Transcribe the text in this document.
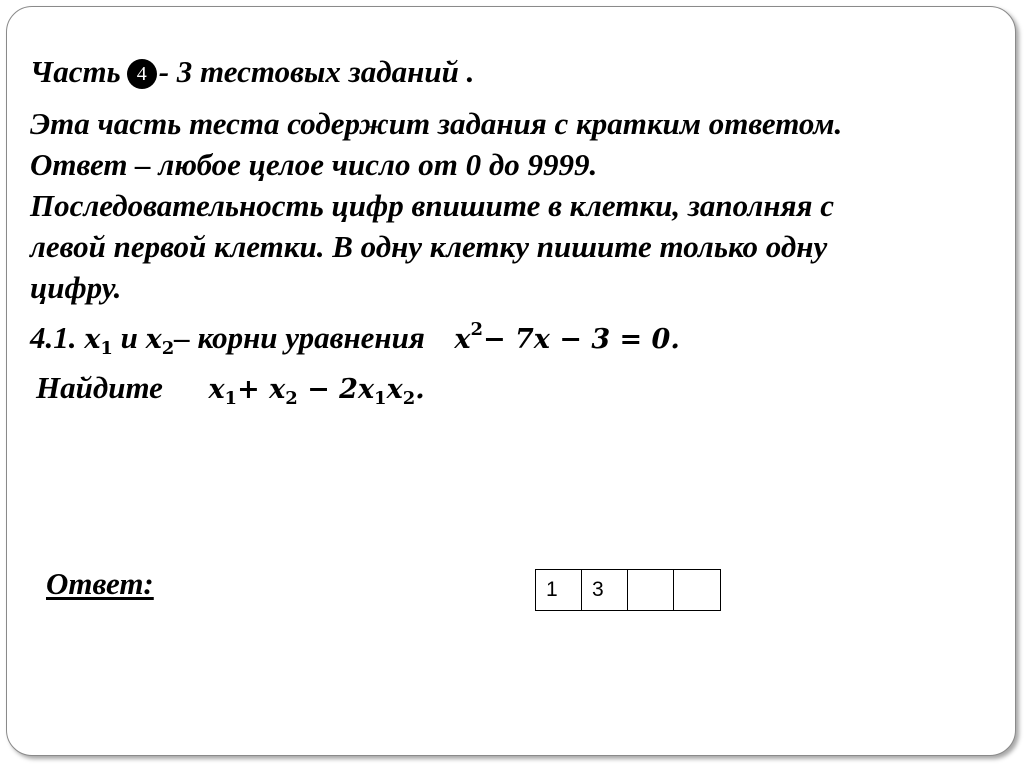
Часть 4 - 3 тестовых заданий .

Эта часть теста содержит задания с кратким ответом.

Ответ – любое целое число от 0 до 9999.

Последовательность цифр впишите в клетки, заполняя с

левой первой клетки. В одну клетку пишите только одну

цифру.

4.1. 𝒙$_1$ и 𝒙$_2$– корни уравнения 𝒙$^2$− 7𝒙 − 3 = 0.

Найдите 𝒙$_1$+ 𝒙$_2$ − 2𝒙$_1$𝒙$_2$.

Ответ:	1	3
